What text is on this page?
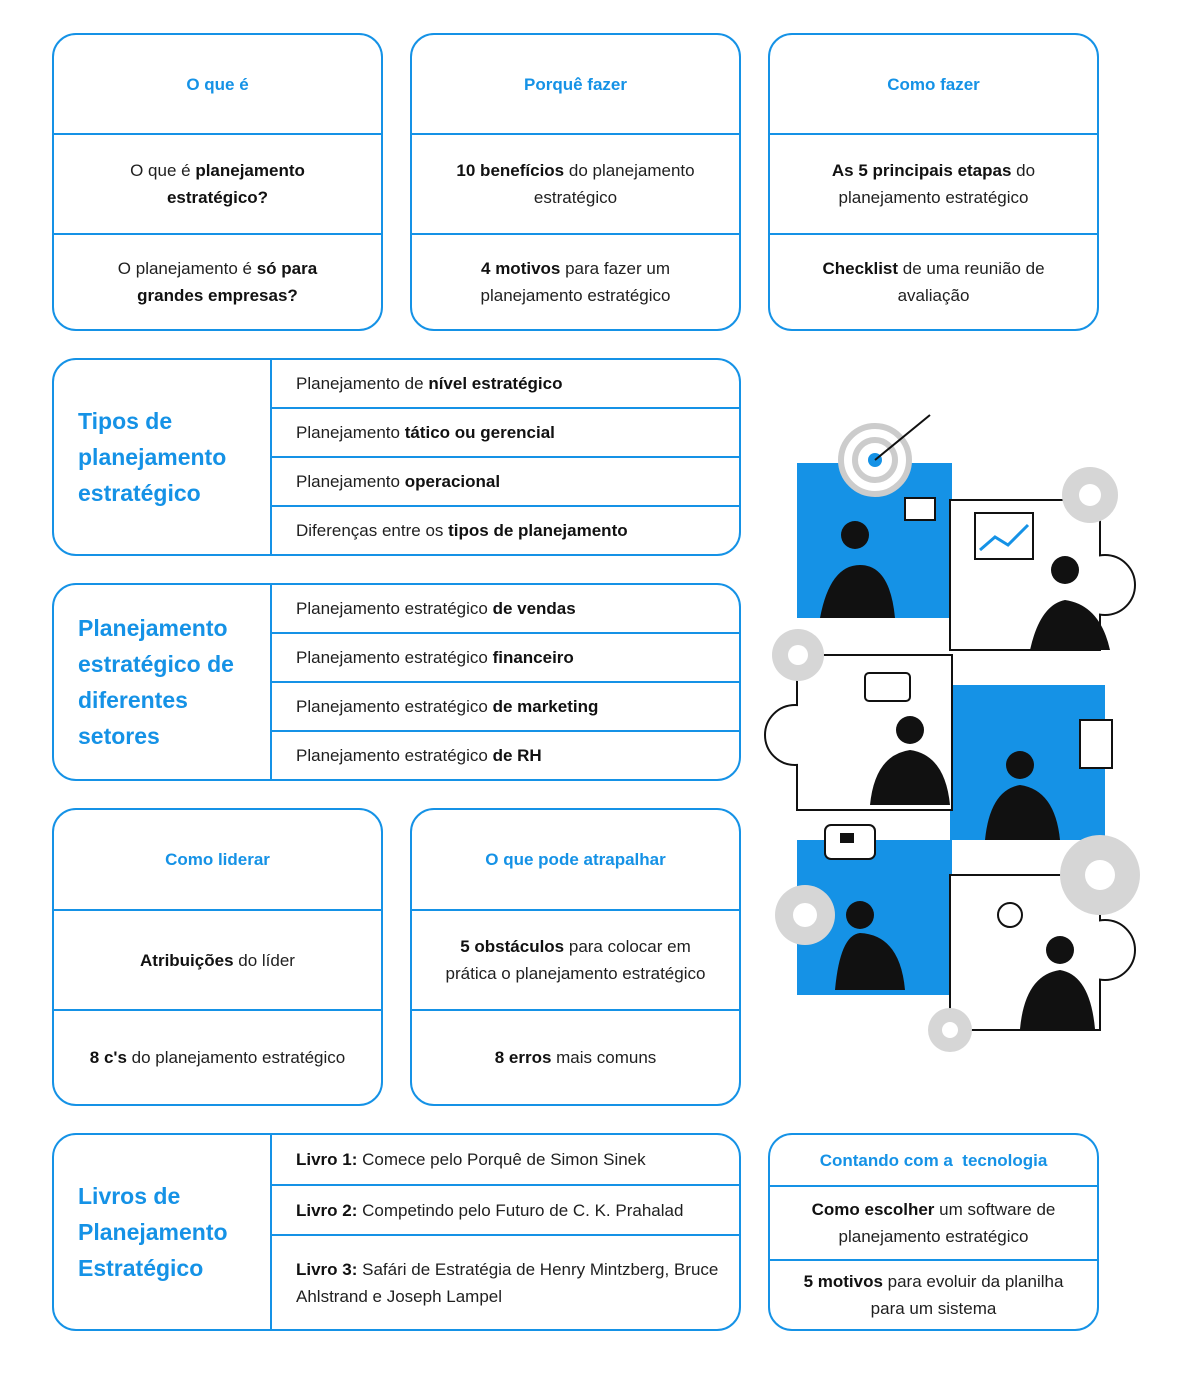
O que é
O que é planejamento estratégico?
O planejamento é só para grandes empresas?
Porquê fazer
10 benefícios do planejamento estratégico
4 motivos para fazer um planejamento estratégico
Como fazer
As 5 principais etapas do planejamento estratégico
Checklist de uma reunião de avaliação
Tipos de planejamento estratégico
Planejamento de nível estratégico
Planejamento tático ou gerencial
Planejamento operacional
Diferenças entre os tipos de planejamento
Planejamento estratégico de diferentes setores
Planejamento estratégico de vendas
Planejamento estratégico financeiro
Planejamento estratégico de marketing
Planejamento estratégico de RH
Como liderar
Atribuições do líder
8 c's do planejamento estratégico
O que pode atrapalhar
5 obstáculos para colocar em prática o planejamento estratégico
8 erros mais comuns
Livros de Planejamento Estratégico
Livro 1: Comece pelo Porquê de Simon Sinek
Livro 2: Competindo pelo Futuro de C. K. Prahalad
Livro 3: Safári de Estratégia de Henry Mintzberg, Bruce Ahlstrand e Joseph Lampel
Contando com a  tecnologia
Como escolher um software de planejamento estratégico
5 motivos para evoluir da planilha para um sistema
